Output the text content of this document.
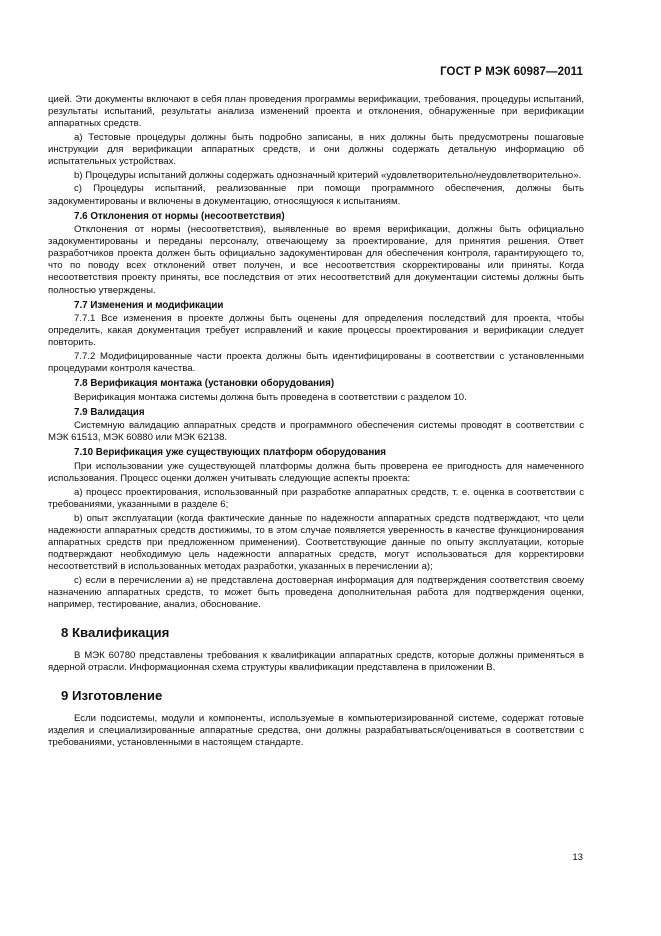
ГОСТ Р МЭК 60987—2011

цией. Эти документы включают в себя план проведения программы верификации, требования, процедуры испытаний, результаты испытаний, результаты анализа изменений проекта и отклонения, обнаруженные при верификации аппаратных средств.

а) Тестовые процедуры должны быть подробно записаны, в них должны быть предусмотрены пошаговые инструкции для верификации аппаратных средств, и они должны содержать детальную информацию об испытательных устройствах.

b) Процедуры испытаний должны содержать однозначный критерий «удовлетворительно/неудовлетворительно».

с) Процедуры испытаний, реализованные при помощи программного обеспечения, должны быть задокументированы и включены в документацию, относящуюся к испытаниям.

7.6 Отклонения от нормы (несоответствия)

Отклонения от нормы (несоответствия), выявленные во время верификации, должны быть официально задокументированы и переданы персоналу, отвечающему за проектирование, для принятия решения. Ответ разработчиков проекта должен быть официально задокументирован для обеспечения контроля, гарантирующего то, что по поводу всех отклонений ответ получен, и все несоответствия скорректированы или приняты. Когда несоответствия проекту приняты, все последствия от этих несоответствий для документации системы должны быть полностью утверждены.

7.7 Изменения и модификации

7.7.1 Все изменения в проекте должны быть оценены для определения последствий для проекта, чтобы определить, какая документация требует исправлений и какие процессы проектирования и верификации следует повторить.

7.7.2 Модифицированные части проекта должны быть идентифицированы в соответствии с установленными процедурами контроля качества.

7.8 Верификация монтажа (установки оборудования)

Верификация монтажа системы должна быть проведена в соответствии с разделом 10.

7.9 Валидация

Системную валидацию аппаратных средств и программного обеспечения системы проводят в соответствии с МЭК 61513, МЭК 60880 или МЭК 62138.

7.10 Верификация уже существующих платформ оборудования

При использовании уже существующей платформы должна быть проверена ее пригодность для намеченного использования. Процесс оценки должен учитывать следующие аспекты проекта:

а) процесс проектирования, использованный при разработке аппаратных средств, т. е. оценка в соответствии с требованиями, указанными в разделе 6;

b) опыт эксплуатации (когда фактические данные по надежности аппаратных средств подтверждают, что цели надежности аппаратных средств достижимы, то в этом случае появляется уверенность в качестве функционирования аппаратных средств при предложенном применении). Соответствующие данные по опыту эксплуатации, которые подтверждают необходимую цель надежности аппаратных средств, могут использоваться для корректировки несоответствий в использованных методах разработки, указанных в перечислении а);

с) если в перечислении а) не представлена достоверная информация для подтверждения соответствия своему назначению аппаратных средств, то может быть проведена дополнительная работа для подтверждения оценки, например, тестирование, анализ, обоснование.

8 Квалификация

В МЭК 60780 представлены требования к квалификации аппаратных средств, которые должны применяться в ядерной отрасли. Информационная схема структуры квалификации представлена в приложении В.

9 Изготовление

Если подсистемы, модули и компоненты, используемые в компьютеризированной системе, содержат готовые изделия и специализированные аппаратные средства, они должны разрабатываться/оцениваться в соответствии с требованиями, установленными в настоящем стандарте.

13
